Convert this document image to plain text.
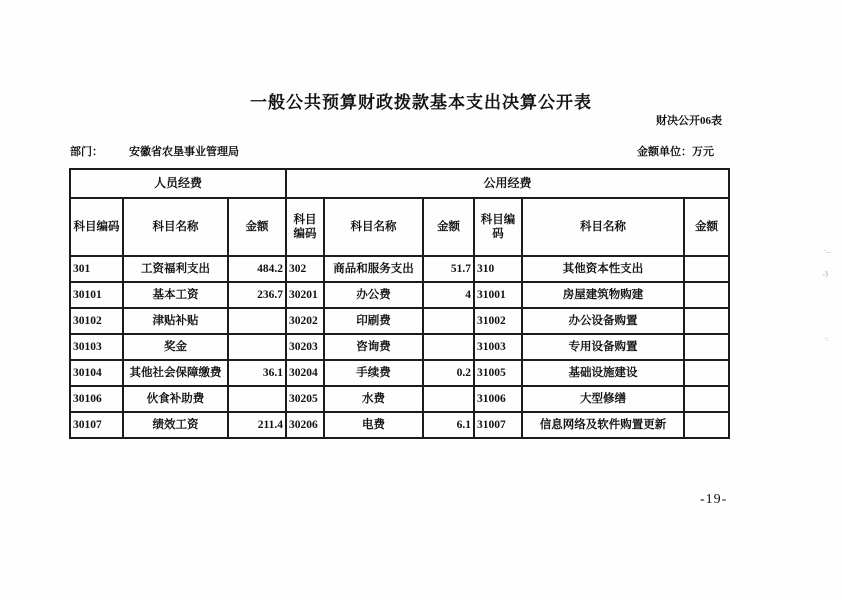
一般公共预算财政拨款基本支出决算公开表
财决公开06表
部门： 安徽省农垦事业管理局	金额单位：万元
人员经费			公用经费					
科目编码	科目名称	金额	科目编码	科目名称	金额	科目编码	科目名称	金额
301	工资福利支出	484.2	302	商品和服务支出	51.7	310	其他资本性支出	
30101	基本工资	236.7	30201	办公费	4	31001	房屋建筑物购建	
30102	津贴补贴		30202	印刷费		31002	办公设备购置	
30103	奖金		30203	咨询费		31003	专用设备购置	
30104	其他社会保障缴费	36.1	30204	手续费	0.2	31005	基础设施建设	
30106	伙食补助费		30205	水费		31006	大型修缮	
30107	绩效工资	211.4	30206	电费	6.1	31007	信息网络及软件购置更新	
-19-
·‥
,ʒ
·:
